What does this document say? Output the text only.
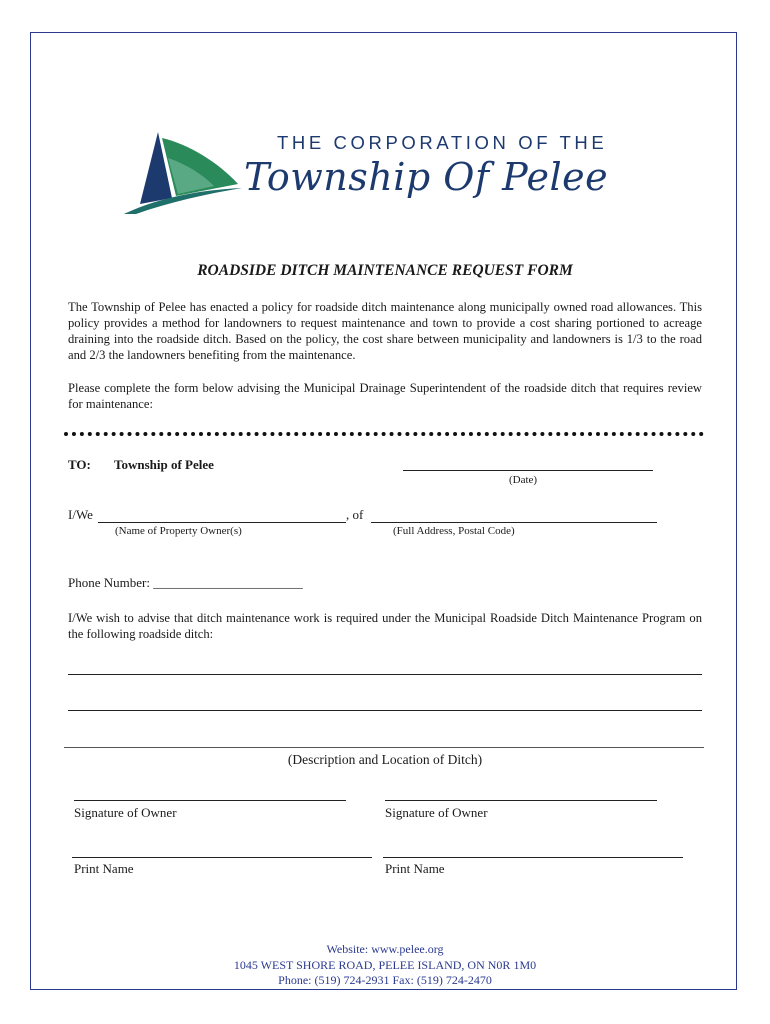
THE CORPORATION OF THE
Township Of Pelee
ROADSIDE DITCH MAINTENANCE REQUEST FORM
The Township of Pelee has enacted a policy for roadside ditch maintenance along municipally owned road allowances. This policy provides a method for landowners to request maintenance and town to provide a cost sharing portioned to acreage draining into the roadside ditch. Based on the policy, the cost share between municipality and landowners is 1/3 to the road and 2/3 the landowners benefiting from the maintenance.
Please complete the form below advising the Municipal Drainage Superintendent of the roadside ditch that requires review for maintenance:
TO: Township of Pelee
(Date)
I/We	, of
(Name of Property Owner(s)	(Full Address, Postal Code)
Phone Number: _______________________
I/We wish to advise that ditch maintenance work is required under the Municipal Roadside Ditch Maintenance Program on the following roadside ditch:
(Description and Location of Ditch)
Signature of Owner	Signature of Owner
Print Name	Print Name
Website: www.pelee.org
1045 WEST SHORE ROAD, PELEE ISLAND, ON N0R 1M0
Phone: (519) 724-2931 Fax: (519) 724-2470
